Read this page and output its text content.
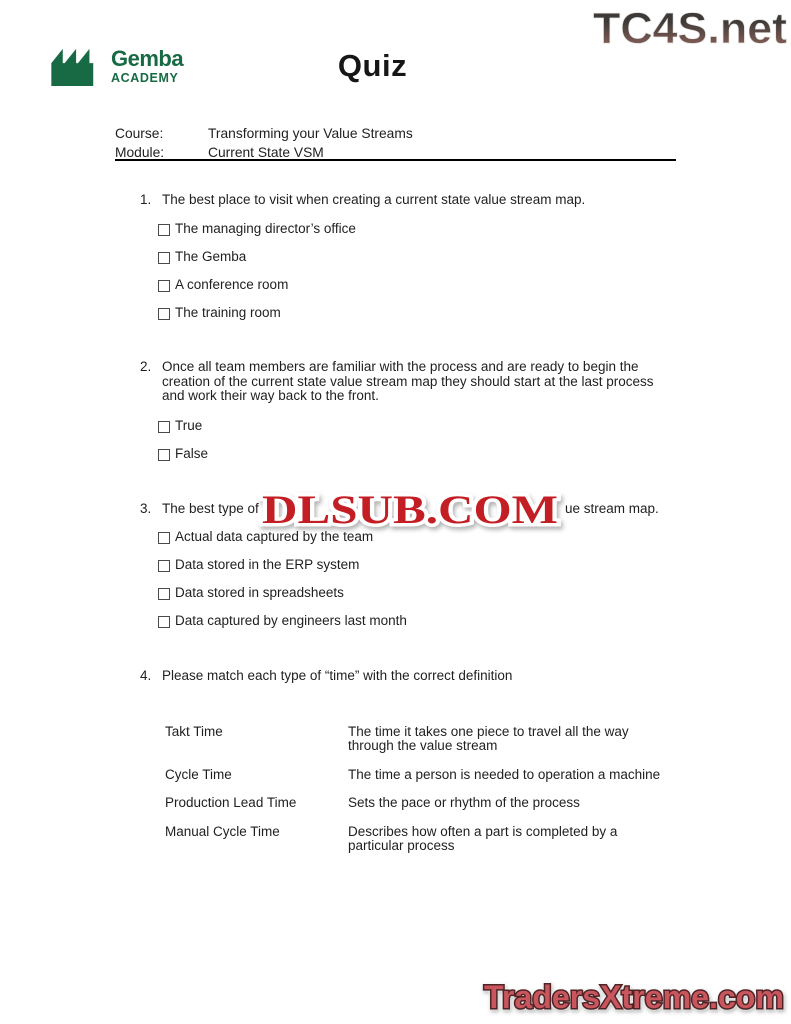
Gemba
ACADEMY	Quiz
TC4S.net
Course:	Transforming your Value Streams
Module:	Current State VSM
1. The best place to visit when creating a current state value stream map.
The managing director’s office
The Gemba
A conference room
The training room
2. Once all team members are familiar with the process and are ready to begin the creation of the current state value stream map they should start at the last process and work their way back to the front.
True
False
3. The best type of	ue stream map.
Actual data captured by the team
Data stored in the ERP system
Data stored in spreadsheets
Data captured by engineers last month
4. Please match each type of “time” with the correct definition
Takt Time	The time it takes one piece to travel all the way through the value stream
Cycle Time	The time a person is needed to operation a machine
Production Lead Time	Sets the pace or rhythm of the process
Manual Cycle Time	Describes how often a part is completed by a particular process
DLSUB.COM
TradersXtreme.com
